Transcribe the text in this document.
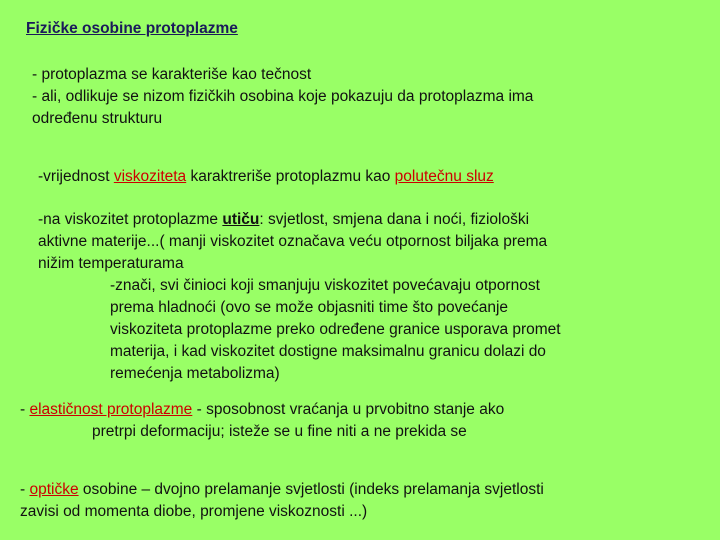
Fizičke osobine protoplazme
- protoplazma se karakteriše kao tečnost
- ali, odlikuje se nizom fizičkih osobina koje pokazuju da protoplazma ima
određenu strukturu
-vrijednost viskoziteta karaktreriše protoplazmu kao polutečnu sluz
-na viskozitet protoplazme utiču: svjetlost, smjena dana i noći, fiziološki
aktivne materije...( manji viskozitet označava veću otpornost biljaka prema
nižim temperaturama
-znači, svi činioci koji smanjuju viskozitet povećavaju otpornost
prema hladnoći (ovo se može objasniti time što povećanje
viskoziteta protoplazme preko određene granice usporava promet
materija, i kad viskozitet dostigne maksimalnu granicu dolazi do
remećenja metabolizma)
- elastičnost protoplazme - sposobnost vraćanja u prvobitno stanje ako
pretrpi deformaciju; isteže se u fine niti a ne prekida se
- optičke osobine – dvojno prelamanje svjetlosti (indeks prelamanja svjetlosti
zavisi od momenta diobe, promjene viskoznosti ...)
